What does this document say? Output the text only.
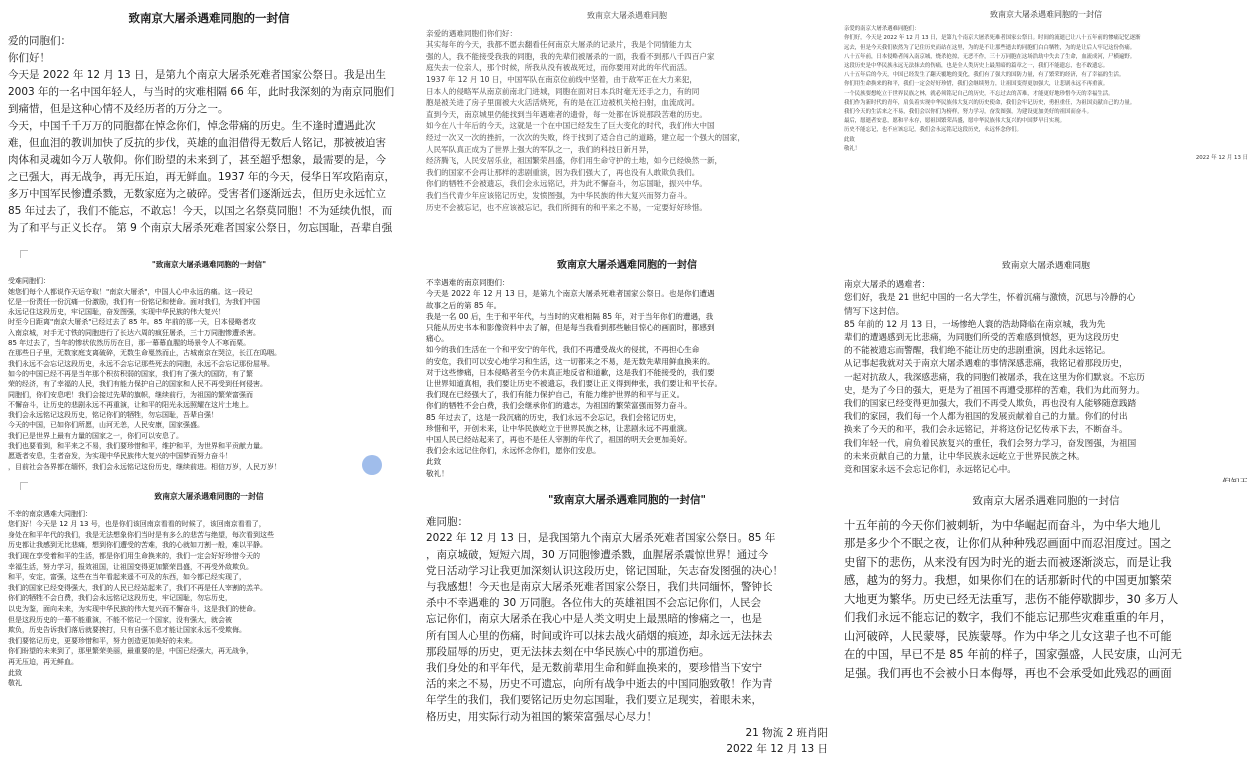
致南京大屠杀遇难同胞的一封信
爱的同胞们：
你们好！
今天是 2022 年 12 月 13 日，是第九个南京大屠杀死难者国家公祭日。我是出生
2003 年的一名中国年轻人，与当时的灾难相隔 66 年，此时我深刻的为南京同胞们
到痛惜，但是这种心情不及经历者的万分之一。
今天，中国千千万万的同胞都在悼念你们，悼念带痛的历史。生不逢时遭遇此次
难，但血泪的教训加快了反抗的步伐，英雄的血泪借得无数后人铭记，那被被迫害
肉体和灵魂如今万人敬仰。你们盼望的未来到了，甚至超乎想象，最需要的是，今
之已强大，再无战争，再无压迫，再无鲜血。1937 年的今天，侵华日军攻陷南京，
多万中国军民惨遭杀戮，无数家庭为之破碎。受害者们逐渐远去，但历史永远忙立
85 年过去了，我们不能忘，不敢忘！今天，以国之名祭莫同胞！不为延续仇恨，而
为了和平与正义长存。 第 9 个南京大屠杀死难者国家公祭日，勿忘国耻，吾辈自强
致南京大屠杀遇难同胞
亲爱的遇难同胞们你们好：
其实每年的今天，我都不愿去翻看任何南京大屠杀的记录片，我是个同情能力太
强的人，我不能接受我我的同胞，我的先辈们被屠杀的一面，我看不到那八千四百户家
庭失去一位亲人，那个时候，所我从没有被战死过，而你要用对此的年代而活。
1937 年 12 月 10 日，中国军队在南京位前线中坚着，由于敌军正在大力来犯，
日本人的侵略军从南京前南北门进城，同胞在面对日本兵时毫无还手之力，有的同
胞是被关进了房子里面被大火活活烧死，有的是在江边被机关枪扫射，血流成河。
直到今天，南京城里仍能找到当年遇难者的遗骨，每一处都在诉说那段苦难的历史。
如今在八十年后的今天，这就是一个在中国已经发生了巨大变化的时代，我们伟大中国
经过一次又一次的挫折，一次次的失败，终于找到了适合自己的道路，建立起一个强大的国家，
人民军队真正成为了世界上强大的军队之一，我们的科技日新月异，
经济腾飞，人民安居乐业，祖国繁荣昌盛，你们用生命守护的土地，如今已经焕然一新，
我们的国家不会再让那样的悲剧重演，因为我们强大了，再也没有人敢欺负我们。
你们的牺牲不会被遗忘，我们会永远铭记，并为此不懈奋斗，勿忘国耻，振兴中华。
我们当代青少年应该铭记历史，发愤图强，为中华民族的伟大复兴而努力奋斗。
历史不会被忘记，也不应该被忘记，我们所拥有的和平来之不易，一定要好好珍惜。
致南京大屠杀遇难同胞的一封信
亲爱的南京大屠杀遇难同胞们：
你们好，今天是 2022 年 12 月 13 日，是第九个南京大屠杀死难者国家公祭日。时间的流逝已让八十五年前的惨痛记忆逐渐
远去，但是今天我们依然为了记住历史而站在这里，为的是不让那些逝去的同胞们白白牺牲，为的是让后人牢记这份伤痛。
八十五年前，日本侵略者闯入南京城，烧杀抢掠，无恶不作，三十万同胞在这场浩劫中失去了生命，血流成河，尸横遍野。
这段历史是中华民族永远无法抹去的伤痛，也是全人类历史上最黑暗的篇章之一，我们不能遗忘，也不敢遗忘。
八十五年后的今天，中国已经发生了翻天覆地的变化，我们有了强大的国防力量，有了繁荣的经济，有了幸福的生活。
你们用生命换来的和平，我们一定会好好珍惜，我们会继续努力，让祖国变得更加强大，让悲剧永远不再重演。
一个民族要想屹立于世界民族之林，就必须铭记自己的历史，不忘过去的苦难，才能更好地珍惜今天的幸福生活。
我们作为新时代的青年，肩负着实现中华民族伟大复兴的历史使命，我们会牢记历史，勇担重任，为祖国贡献自己的力量。
我们今天的生活来之不易，我们会以你们为榜样，努力学习，奋发图强，为建设更加美好的祖国而奋斗。
最后，愿逝者安息，愿和平永存，愿祖国繁荣昌盛，愿中华民族伟大复兴的中国梦早日实现。
历史不能忘记，也不应该忘记，我们会永远铭记这段历史，永远怀念你们。
此致
敬礼！
2022 年 12 月 13 日
"致南京大屠杀遇难同胞的一封信"
受难同胞们：
她您们每个人都说作天运夺取！"南京大屠杀"，中国人心中永远的痛。这一段记
忆是一份责任一份沉痛一份激励，我们有一份铭记和使命。面对我们，为我们中国
永远记住这段历史，牢记国耻，奋发图强，实现中华民族的伟大复兴！
时至今日距离"南京大屠杀"已经过去了 85 年。85 年前的那一天，日本侵略者攻
入南京城，对手无寸铁的同胞进行了长达六周的疯狂屠杀，三十万同胞惨遭杀害。
85 年过去了，当年的惨状依然历历在目，那一幕幕血腥的场景令人不寒而栗。
在那些日子里，无数家庭支离破碎，无数生命戛然而止，古城南京在哭泣，长江在呜咽。
我们永远不会忘记这段历史，永远不会忘记那些死去的同胞，永远不会忘记那份屈辱。
如今的中国已经不再是当年那个积贫积弱的国家，我们有了强大的国防，有了繁
荣的经济，有了幸福的人民，我们有能力保护自己的国家和人民不再受到任何侵害。
同胞们，你们安息吧！我们会接过先辈的旗帜，继续前行，为祖国的繁荣富强而
不懈奋斗，让历史的悲剧永远不再重演，让和平的阳光永远照耀在这片土地上。
我们会永远铭记这段历史，铭记你们的牺牲，勿忘国耻，吾辈自强！
今天的中国，已如你们所愿，山河无恙，人民安康，国家强盛。
我们已是世界上最有力量的国家之一，你们可以安息了。
我们也要看到，和平来之不易，我们要珍惜和平，维护和平，为世界和平贡献力量。
愿逝者安息，生者奋发，为实现中华民族伟大复兴的中国梦而努力奋斗！
，目前社会各界都在缅怀，我们会永远铭记这份历史，继续前进。相信万岁，人民万岁！
致南京大屠杀遇难同胞的一封信
不幸遇难的南京同胞们：
今天是 2022 年 12 月 13 日，是第九个南京大屠杀死难者国家公祭日。也是你们遭遇
故事之后的第 85 年。
我是一名 00 后，生于和平年代，与当时的灾难相隔 85 年，对于当年你们的遭遇，我
只能从历史书本和影像资料中去了解，但是每当我看到那些触目惊心的画面时，都感到
痛心。
如今的我们生活在一个和平安宁的年代，我们不再遭受战火的侵扰，不再担心生命
的安危，我们可以安心地学习和生活，这一切都来之不易，是无数先辈用鲜血换来的。
对于这些惨痛，日本侵略者至今仍未真正地反省和道歉，这是我们不能接受的，我们要
让世界知道真相，我们要让历史不被遗忘，我们要让正义得到伸张，我们要让和平长存。
我们现在已经强大了，我们有能力保护自己，有能力维护世界的和平与正义。
你们的牺牲不会白费，我们会继承你们的遗志，为祖国的繁荣富强而努力奋斗。
85 年过去了，这是一段沉痛的历史，我们永远不会忘记，我们会铭记历史，
珍惜和平，开创未来，让中华民族屹立于世界民族之林，让悲剧永远不再重演。
中国人民已经站起来了，再也不是任人宰割的年代了，祖国的明天会更加美好。
我们会永远记住你们，永远怀念你们，愿你们安息。
此致
敬礼！
致南京大屠杀遇难同胞
南京大屠杀的遇难者：
您们好，我是 21 世纪中国的一名大学生，怀着沉痛与激愤，沉思与冷静的心
情写下这封信。
85 年前的 12 月 13 日，一场惨绝人寰的浩劫降临在南京城，我为先
辈们的遭遇感到无比悲痛，为同胞们所受的苦难感到愤怒，更为这段历史
的不能被遗忘而警醒，我们绝不能让历史的悲剧重演，因此永远铭记。
从记事起我就对关于南京大屠杀遇难的事情深感悲痛，我铭记着那段历史，
一起对抗敌人，我深感悲痛，我的同胞们被屠杀，我在这里为你们默哀。不忘历
史，是为了今日的强大，更是为了祖国不再遭受那样的苦难，我们为此而努力。
我们的国家已经变得更加强大，我们不再受人欺负，再也没有人能够随意践踏
我们的家园，我们每一个人都为祖国的发展贡献着自己的力量。你们的付出
换来了今天的和平，我们会永远铭记，并将这份记忆传承下去，不断奋斗。
我们年轻一代，肩负着民族复兴的重任，我们会努力学习，奋发图强，为祖国
的未来贡献自己的力量，让中华民族永远屹立于世界民族之林。
竞和国家永远不会忘记你们，永远铭记心中。
致南京大屠杀遇难同胞的一封信
不幸的南京遇难大同胞们：
您们好！今天是 12 月 13 号，也是你们该回南京看看的时候了，该回南京看看了，
身处在和平年代的我们，我是无法想象你们当时是有多么的悲苦与绝望，每次看到这些
历史都让我感到无比悲痛，想到你们遭受的苦难，我的心就如刀割一般，难以平静。
我们现在享受着和平的生活，都是你们用生命换来的，我们一定会好好珍惜今天的
幸福生活，努力学习，报效祖国，让祖国变得更加繁荣昌盛，不再受外敌欺负。
和平，安定，富强，这些在当年看起来遥不可及的东西，如今都已经实现了，
我们的国家已经变得强大，我们的人民已经站起来了，我们不再是任人宰割的羔羊。
你们的牺牲不会白费，我们会永远铭记这段历史，牢记国耻，勿忘历史，
以史为鉴，面向未来，为实现中华民族的伟大复兴而不懈奋斗，这是我们的使命。
但是这段历史的一幕不能重演，不能不铭记一个国家，没有强大，就会被
欺负，历史告诉我们落后就要挨打，只有自强不息才能让国家永远不受欺侮。
我们要铭记历史，更要珍惜和平，努力创造更加美好的未来。
你们盼望的未来到了，那里繁荣美丽，最重要的是，中国已经强大，再无战争，
再无压迫，再无鲜血。
此致
敬礼
"致南京大屠杀遇难同胞的一封信"
难同胞：
2022 年 12 月 13 日，是我国第九个南京大屠杀死难者国家公祭日。85 年
，南京城破，短短六周，30 万同胞惨遭杀戮，血腥屠杀震惊世界！通过今
党日活动学习让我更加深刻认识这段历史，铭记国耻，矢志奋发图强的决心！
与我感想！今天也是南京大屠杀死难者国家公祭日，我们共同缅怀，警钟长
杀中不幸遇难的 30 万同胞。各位伟大的英雄祖国不会忘记你们，人民会
忘记你们，南京大屠杀在我心中是人类文明史上最黑暗的惨痛之一，也是
所有国人心里的伤痛，时间或许可以抹去战火硝烟的痕迹，却永远无法抹去
那段屈辱的历史，更无法抹去刻在中华民族心中的那道伤疤。
我们身处的和平年代，是无数前辈用生命和鲜血换来的，要珍惜当下安宁
活的来之不易，历史不可遗忘，向所有战争中逝去的中国同胞致敬！作为青
年学生的我们，我们要铭记历史勿忘国耻，我们要立足现实，着眼未来，
格历史，用实际行动为祖国的繁荣富强尽心尽力！
21 物流 2 班肖阳
2022 年 12 月 13 日
致南京大屠杀遇难同胞的一封信
十五年前的今天你们被刺斩，为中华崛起而奋斗，为中华大地儿
那是多少个不眠之夜，让你们从种种残忍画面中而忍泪度过。国之
史留下的悲伤，从来没有因为时光的逝去而被逐渐淡忘，而是让我
感，越为的努力。我想，如果你们在的话那新时代的中国更加繁荣
大地更为繁华。历史已经无法重写，悲伤不能停歇脚步，30 多万人
们我们永远不能忘记的数字，我们不能忘记那些灾难重重的年月，
山河破碎，人民蒙辱，民族蒙辱。作为中华之儿女这辈子也不可能
在的中国，早已不是 85 年前的样子，国家强盛，人民安康，山河无
足强。我们再也不会被小日本侮辱，再也不会承受如此残忍的画面
